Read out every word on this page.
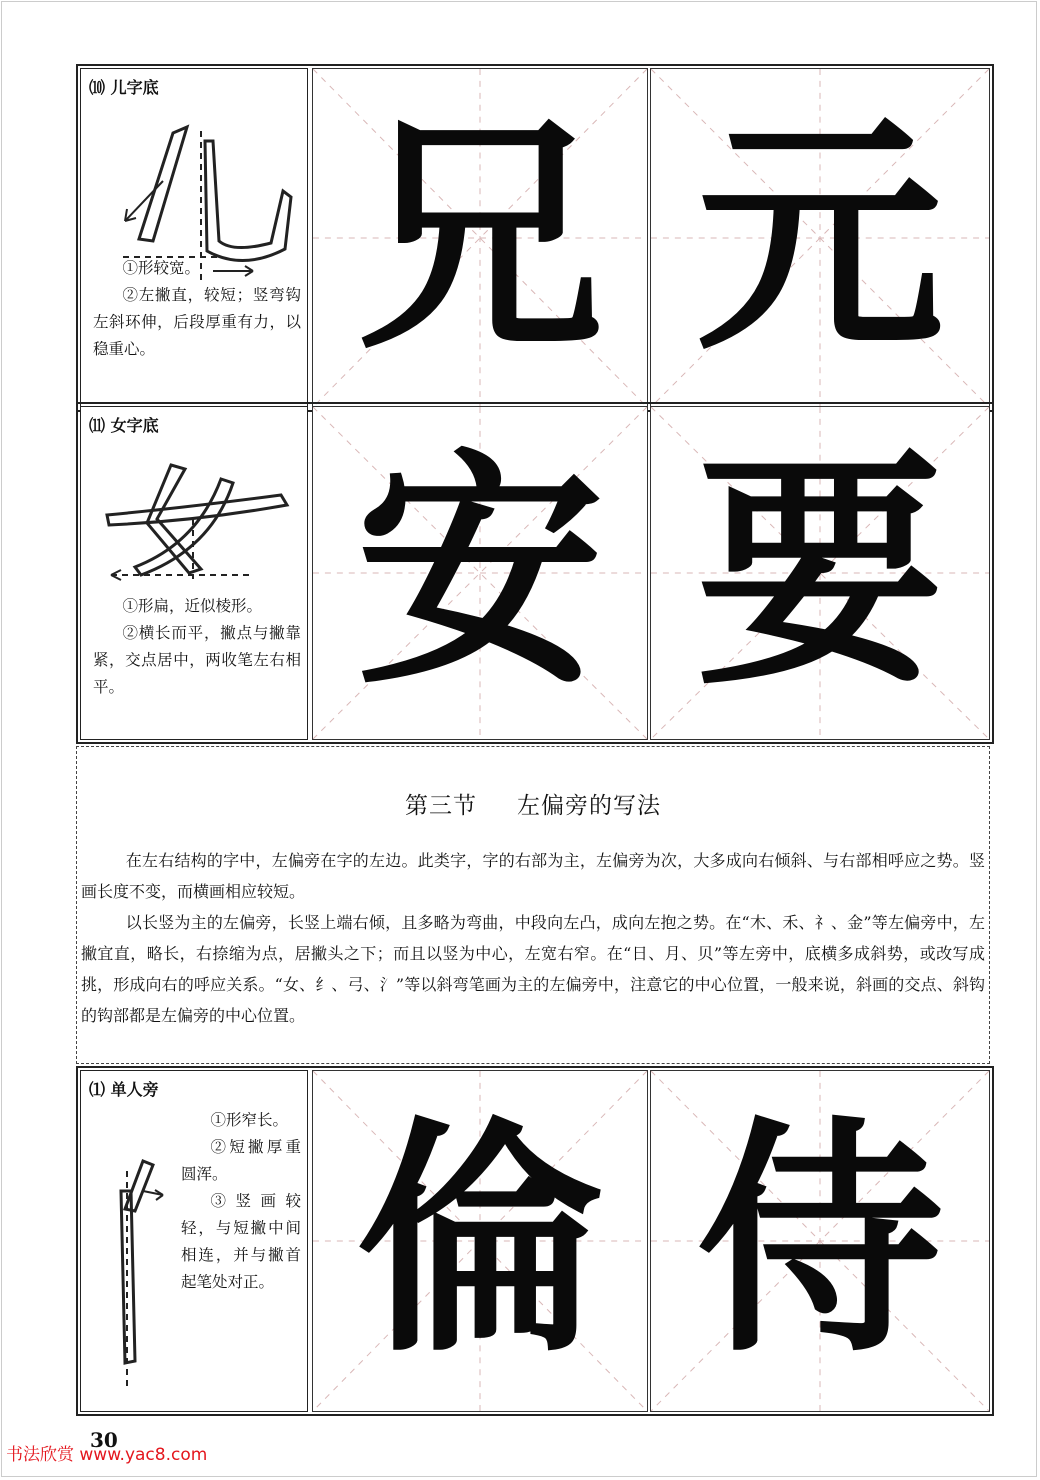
⑽ 儿字底

①形较宽。

②左撇直，较短；竖弯钩左斜环伸，后段厚重有力，以稳重心。 兄 元
⑾ 女字底

①形扁，近似棱形。

②横长而平，撇点与撇靠紧，交点居中，两收笔左右相平。 安 要
第三节 左偏旁的写法

在左右结构的字中，左偏旁在字的左边。此类字，字的右部为主，左偏旁为次，大多成向右倾斜、与右部相呼应之势。竖画长度不变，而横画相应较短。

以长竖为主的左偏旁，长竖上端右倾，且多略为弯曲，中段向左凸，成向左抱之势。在“木、禾、礻、金”等左偏旁中，左撇宜直，略长，右捺缩为点，居撇头之下；而且以竖为中心，左宽右窄。在“日、月、贝”等左旁中，底横多成斜势，或改写成挑，形成向右的呼应关系。“女、纟、弓、氵”等以斜弯笔画为主的左偏旁中，注意它的中心位置，一般来说，斜画的交点、斜钩的钩部都是左偏旁的中心位置。

⑴ 单人旁

①形窄长。

②短撇厚重圆浑。

③竖画较轻，与短撇中间相连，并与撇首起笔处对正。 倫 侍
30
书法欣赏 www.yac8.com
